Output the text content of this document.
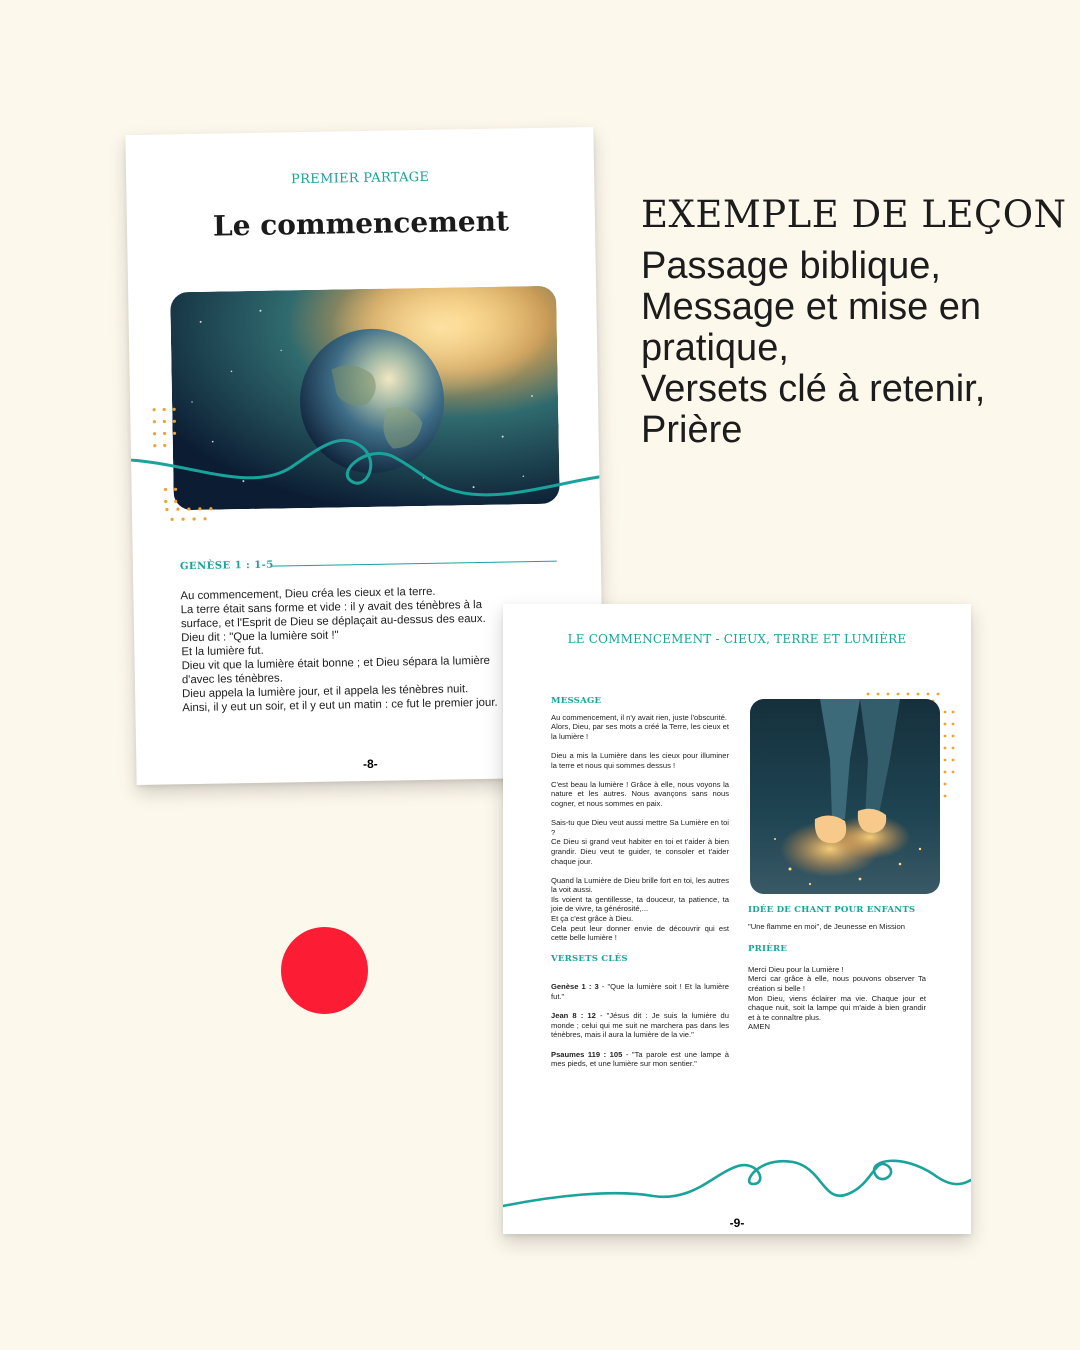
PREMIER PARTAGE
Le commencement
GENÈSE 1 : 1-5
Au commencement, Dieu créa les cieux et la terre.
La terre était sans forme et vide : il y avait des ténèbres à la
surface, et l'Esprit de Dieu se déplaçait au-dessus des eaux.
Dieu dit : "Que la lumière soit !"
Et la lumière fut.
Dieu vit que la lumière était bonne ; et Dieu sépara la lumière
d'avec les ténèbres.
Dieu appela la lumière jour, et il appela les ténèbres nuit.
Ainsi, il y eut un soir, et il y eut un matin : ce fut le premier jour.
-8-
LE COMMENCEMENT - CIEUX, TERRE ET LUMIÈRE
MESSAGE
Au commencement, il n'y avait rien, juste l'obscurité.
Alors, Dieu, par ses mots a créé la Terre, les cieux et la lumière !
Dieu a mis la Lumière dans les cieux pour illuminer la terre et nous qui sommes dessus !
C'est beau la lumière ! Grâce à elle, nous voyons la nature et les autres. Nous avançons sans nous cogner, et nous sommes en paix.
Sais-tu que Dieu veut aussi mettre Sa Lumière en toi ?
Ce Dieu si grand veut habiter en toi et t'aider à bien grandir. Dieu veut te guider, te consoler et t'aider chaque jour.
Quand la Lumière de Dieu brille fort en toi, les autres la voit aussi.
Ils voient ta gentillesse, ta douceur, ta patience, ta joie de vivre, ta générosité,...
Et ça c'est grâce à Dieu.
Cela peut leur donner envie de découvrir qui est cette belle lumière !
VERSETS CLÉS
Genèse 1 : 3 - "Que la lumière soit ! Et la lumière fut."
Jean 8 : 12 - "Jésus dit : Je suis la lumière du monde ; celui qui me suit ne marchera pas dans les ténèbres, mais il aura la lumière de la vie."
Psaumes 119 : 105 - "Ta parole est une lampe à mes pieds, et une lumière sur mon sentier."
IDÉE DE CHANT POUR ENFANTS
"Une flamme en moi", de Jeunesse en Mission
PRIÈRE
Merci Dieu pour la Lumière !
Merci car grâce à elle, nous pouvons observer Ta création si belle !
Mon Dieu, viens éclairer ma vie. Chaque jour et chaque nuit, soit la lampe qui m'aide à bien grandir et à te connaître plus.
AMEN
-9-
EXEMPLE DE LEÇON
Passage biblique,
Message et mise en
pratique,
Versets clé à retenir,
Prière
